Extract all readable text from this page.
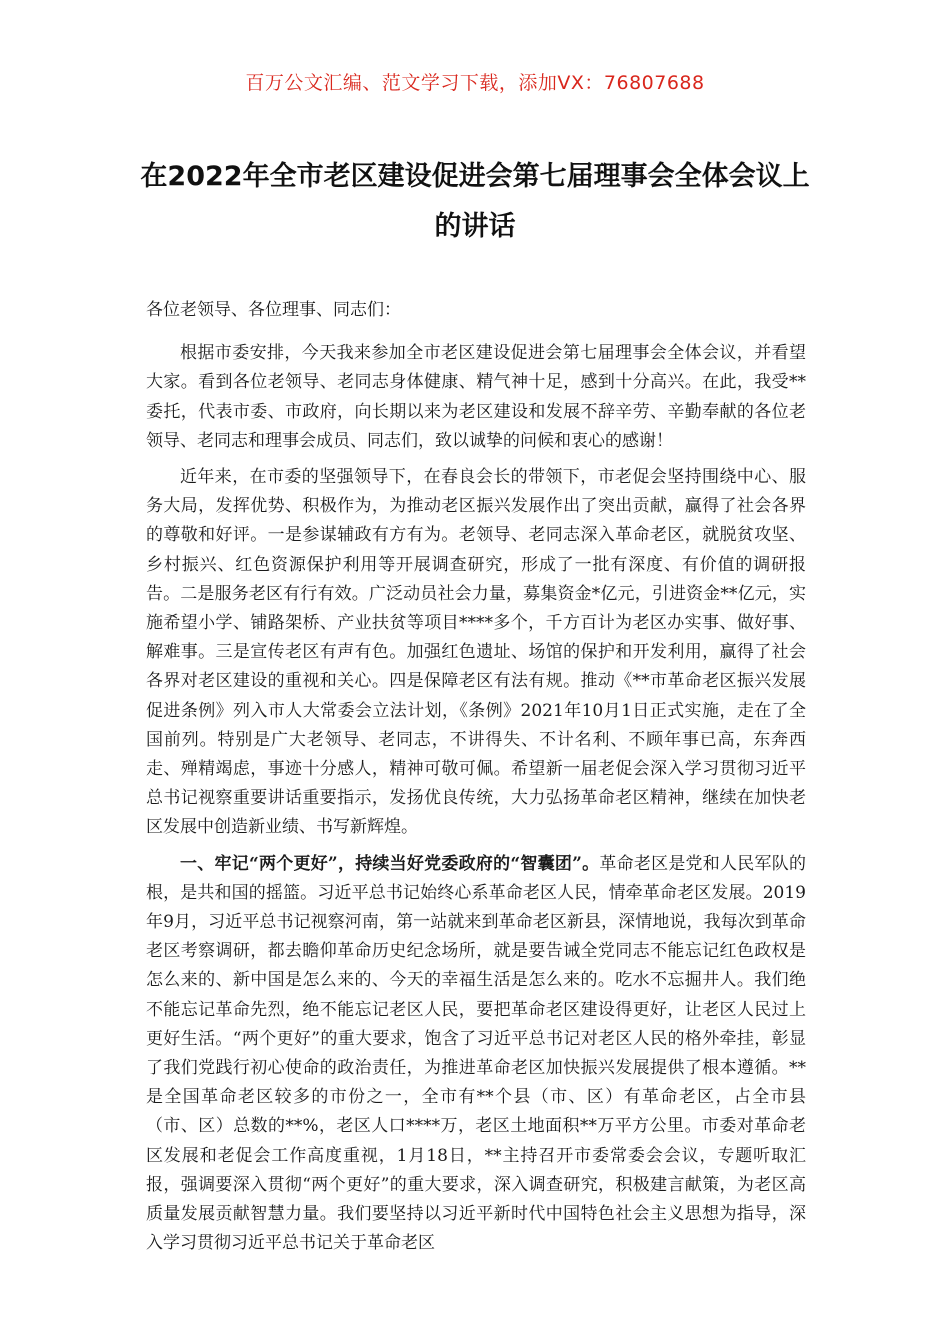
百万公文汇编、范文学习下载，添加VX：76807688
在2022年全市老区建设促进会第七届理事会全体会议上的讲话

各位老领导、各位理事、同志们：

根据市委安排，今天我来参加全市老区建设促进会第七届理事会全体会议，并看望大家。看到各位老领导、老同志身体健康、精气神十足，感到十分高兴。在此，我受** 委托，代表市委、市政府，向长期以来为老区建设和发展不辞辛劳、辛勤奉献的各位老领导、老同志和理事会成员、同志们，致以诚挚的问候和衷心的感谢！

近年来，在市委的坚强领导下，在春良会长的带领下，市老促会坚持围绕中心、服务大局，发挥优势、积极作为，为推动老区振兴发展作出了突出贡献，赢得了社会各界的尊敬和好评。一是参谋辅政有方有为。老领导、老同志深入革命老区，就脱贫攻坚、乡村振兴、红色资源保护利用等开展调查研究，形成了一批有深度、有价值的调研报告。二是服务老区有行有效。广泛动员社会力量，募集资金*亿元，引进资金**亿元，实施希望小学、铺路架桥、产业扶贫等项目****多个，千方百计为老区办实事、做好事、解难事。三是宣传老区有声有色。加强红色遗址、场馆的保护和开发利用，赢得了社会各界对老区建设的重视和关心。四是保障老区有法有规。推动《**市革命老区振兴发展促进条例》列入市人大常委会立法计划，《条例》2021年10月1日正式实施，走在了全国前列。特别是广大老领导、老同志，不讲得失、不计名利、不顾年事已高，东奔西走、殚精竭虑，事迹十分感人，精神可敬可佩。希望新一届老促会深入学习贯彻习近平总书记视察重要讲话重要指示，发扬优良传统，大力弘扬革命老区精神，继续在加快老区发展中创造新业绩、书写新辉煌。

一、牢记“两个更好”，持续当好党委政府的“智囊团”。革命老区是党和人民军队的根，是共和国的摇篮。习近平总书记始终心系革命老区人民，情牵革命老区发展。2019年9月，习近平总书记视察河南，第一站就来到革命老区新县，深情地说，我每次到革命老区考察调研，都去瞻仰革命历史纪念场所，就是要告诫全党同志不能忘记红色政权是怎么来的、新中国是怎么来的、今天的幸福生活是怎么来的。吃水不忘掘井人。我们绝不能忘记革命先烈，绝不能忘记老区人民，要把革命老区建设得更好，让老区人民过上更好生活。“两个更好”的重大要求，饱含了习近平总书记对老区人民的格外牵挂，彰显了我们党践行初心使命的政治责任，为推进革命老区加快振兴发展提供了根本遵循。**是全国革命老区较多的市份之一，全市有**个县（市、区）有革命老区，占全市县（市、区）总数的**%，老区人口****万，老区土地面积**万平方公里。市委对革命老区发展和老促会工作高度重视，1月18日，**主持召开市委常委会会议，专题听取汇报，强调要深入贯彻“两个更好”的重大要求，深入调查研究，积极建言献策，为老区高质量发展贡献智慧力量。我们要坚持以习近平新时代中国特色社会主义思想为指导，深入学习贯彻习近平总书记关于革命老区
